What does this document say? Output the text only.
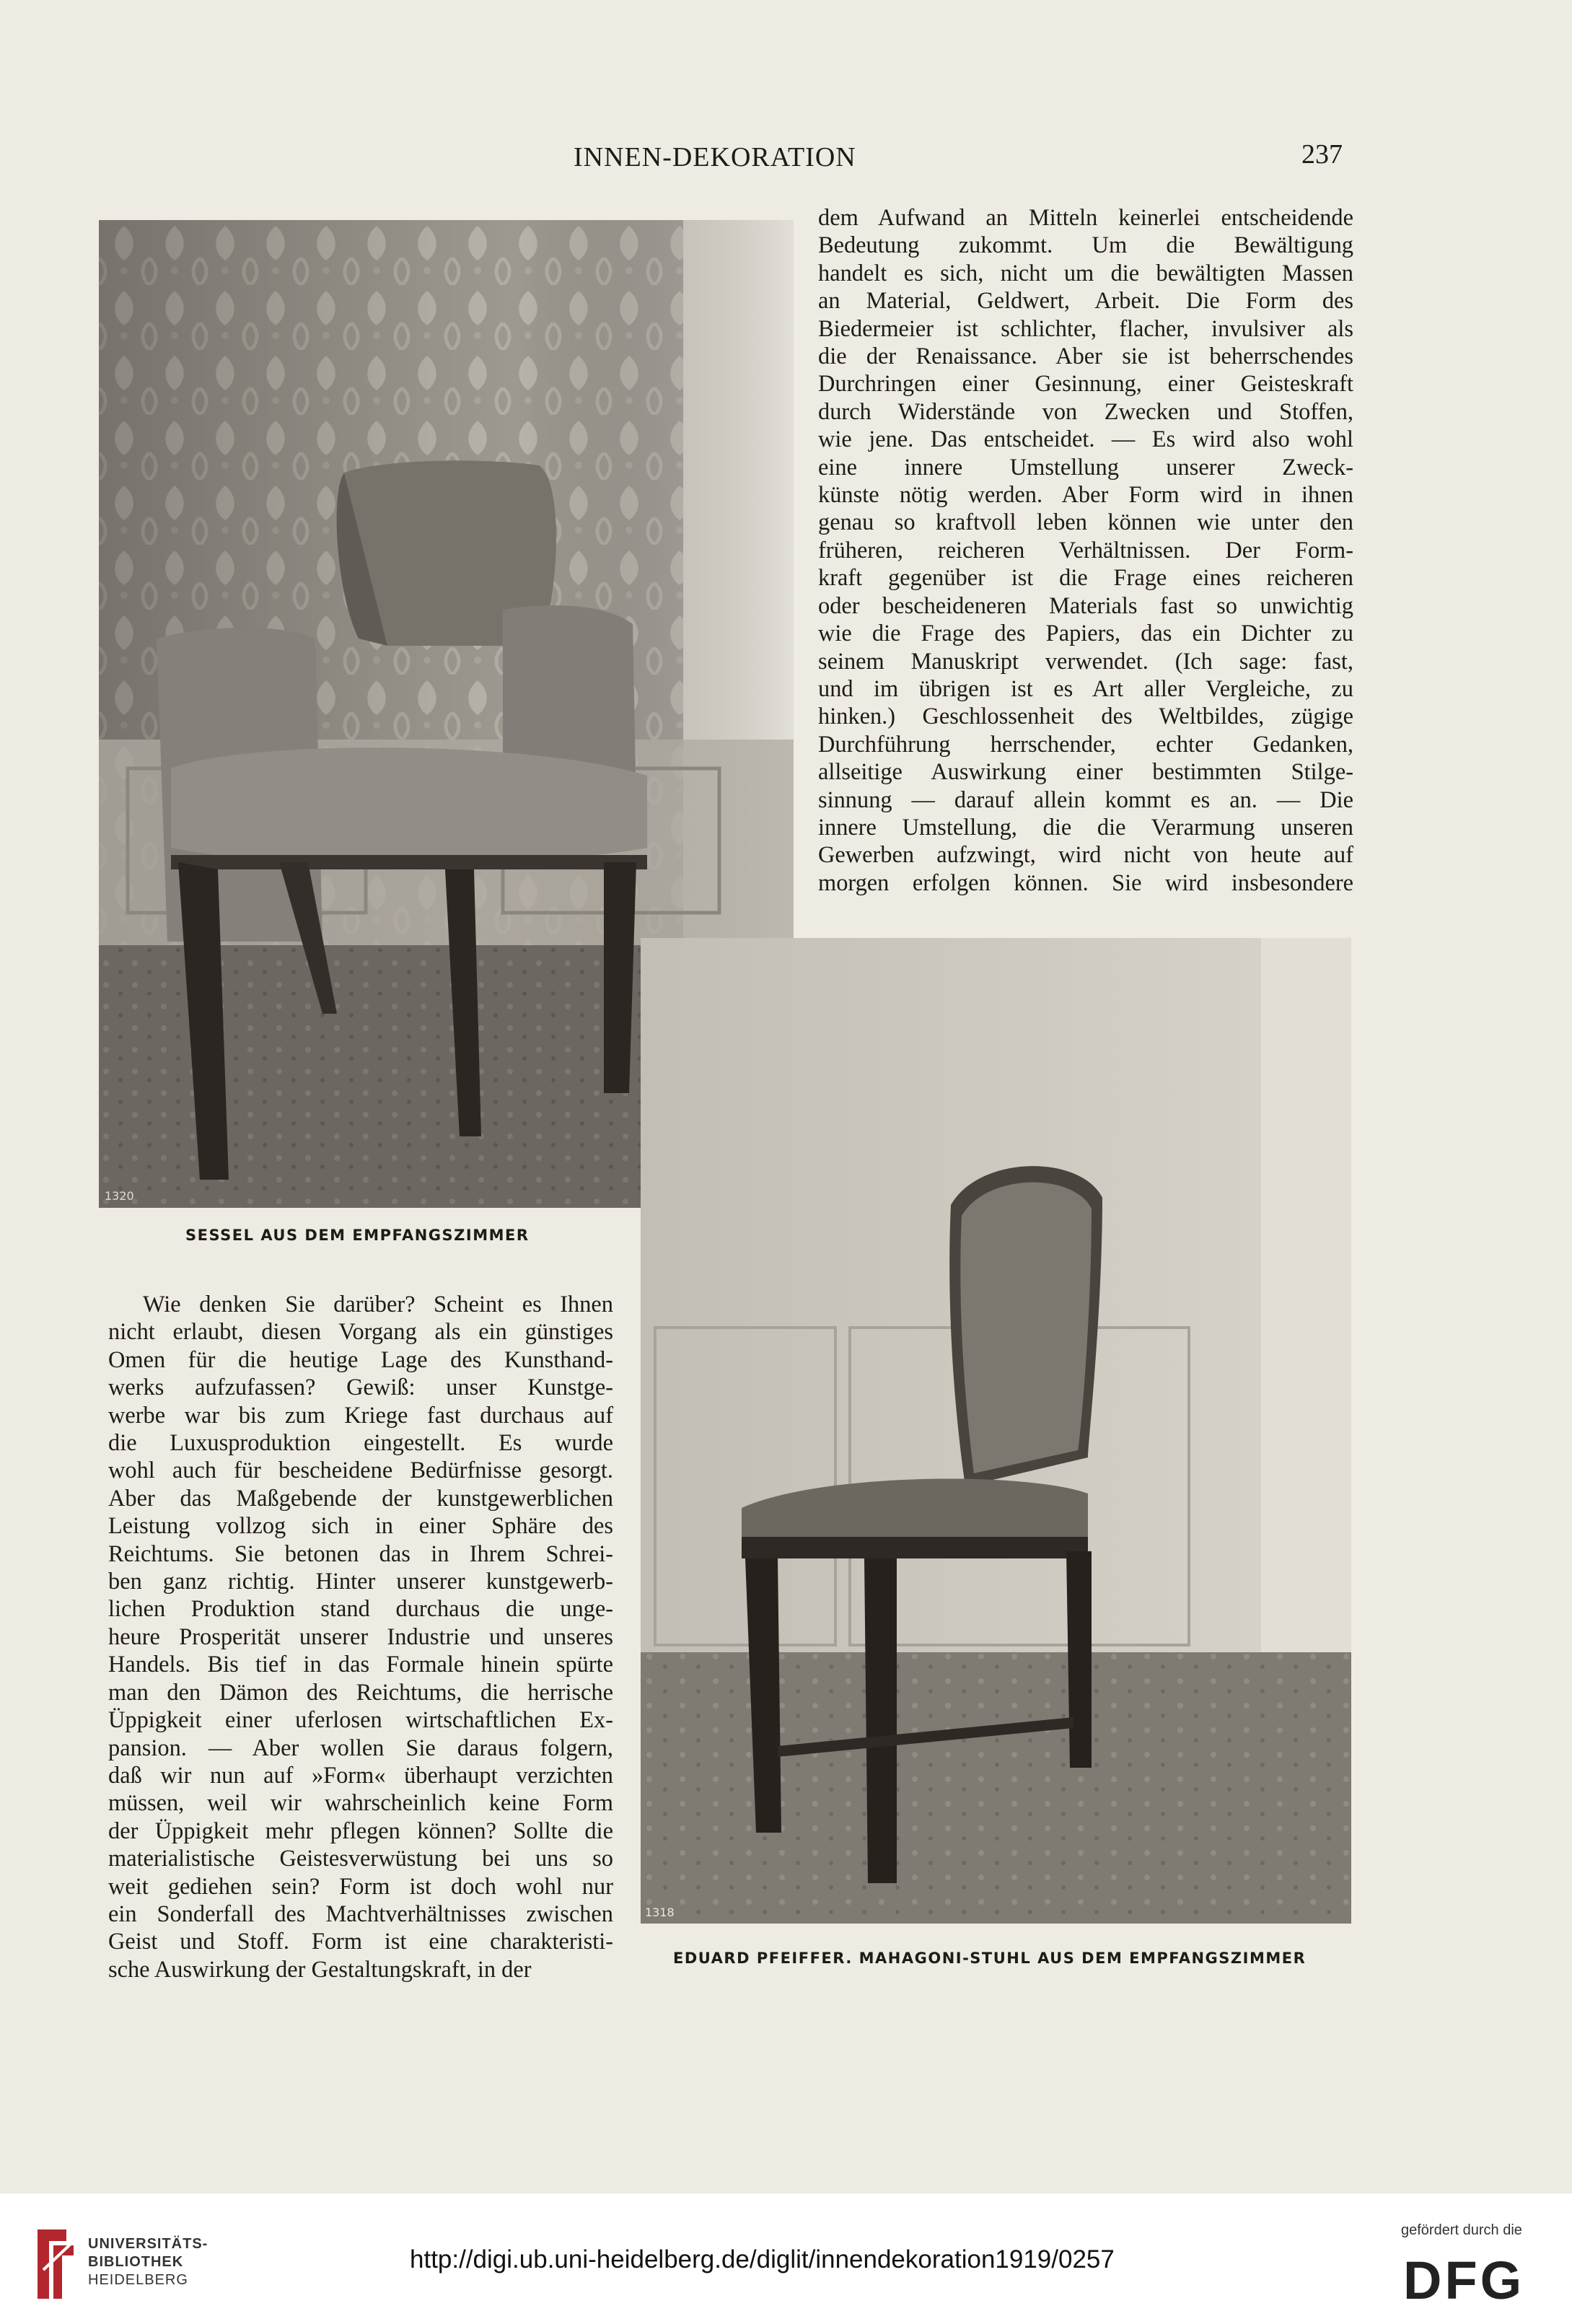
INNEN-DEKORATION	237
1320
1318
dem Aufwand an Mitteln keinerlei entscheidende
Bedeutung zukommt. Um die Bewältigung
handelt es sich, nicht um die bewältigten Massen
an Material, Geldwert, Arbeit. Die Form des
Biedermeier ist schlichter, flacher, invulsiver als
die der Renaissance. Aber sie ist beherrschendes
Durchringen einer Gesinnung, einer Geisteskraft
durch Widerstände von Zwecken und Stoffen,
wie jene. Das entscheidet. — Es wird also wohl
eine innere Umstellung unserer Zweck-
künste nötig werden. Aber Form wird in ihnen
genau so kraftvoll leben können wie unter den
früheren, reicheren Verhältnissen. Der Form-
kraft gegenüber ist die Frage eines reicheren
oder bescheideneren Materials fast so unwichtig
wie die Frage des Papiers, das ein Dichter zu
seinem Manuskript verwendet. (Ich sage: fast,
und im übrigen ist es Art aller Vergleiche, zu
hinken.) Geschlossenheit des Weltbildes, zügige
Durchführung herrschender, echter Gedanken,
allseitige Auswirkung einer bestimmten Stilge-
sinnung — darauf allein kommt es an. — Die
innere Umstellung, die die Verarmung unseren
Gewerben aufzwingt, wird nicht von heute auf
morgen erfolgen können. Sie wird insbesondere
Wie denken Sie darüber? Scheint es Ihnen
nicht erlaubt, diesen Vorgang als ein günstiges
Omen für die heutige Lage des Kunsthand-
werks aufzufassen? Gewiß: unser Kunstge-
werbe war bis zum Kriege fast durchaus auf
die Luxusproduktion eingestellt. Es wurde
wohl auch für bescheidene Bedürfnisse gesorgt.
Aber das Maßgebende der kunstgewerblichen
Leistung vollzog sich in einer Sphäre des
Reichtums. Sie betonen das in Ihrem Schrei-
ben ganz richtig. Hinter unserer kunstgewerb-
lichen Produktion stand durchaus die unge-
heure Prosperität unserer Industrie und unseres
Handels. Bis tief in das Formale hinein spürte
man den Dämon des Reichtums, die herrische
Üppigkeit einer uferlosen wirtschaftlichen Ex-
pansion. — Aber wollen Sie daraus folgern,
daß wir nun auf »Form« überhaupt verzichten
müssen, weil wir wahrscheinlich keine Form
der Üppigkeit mehr pflegen können? Sollte die
materialistische Geistesverwüstung bei uns so
weit gediehen sein? Form ist doch wohl nur
ein Sonderfall des Machtverhältnisses zwischen
Geist und Stoff. Form ist eine charakteristi-
sche Auswirkung der Gestaltungskraft, in der
SESSEL AUS DEM EMPFANGSZIMMER
EDUARD PFEIFFER. MAHAGONI-STUHL AUS DEM EMPFANGSZIMMER
UNIVERSITÄTS-
BIBLIOTHEK
HEIDELBERG
http://digi.ub.uni-heidelberg.de/diglit/innendekoration1919/0257
gefördert durch die
DFG
